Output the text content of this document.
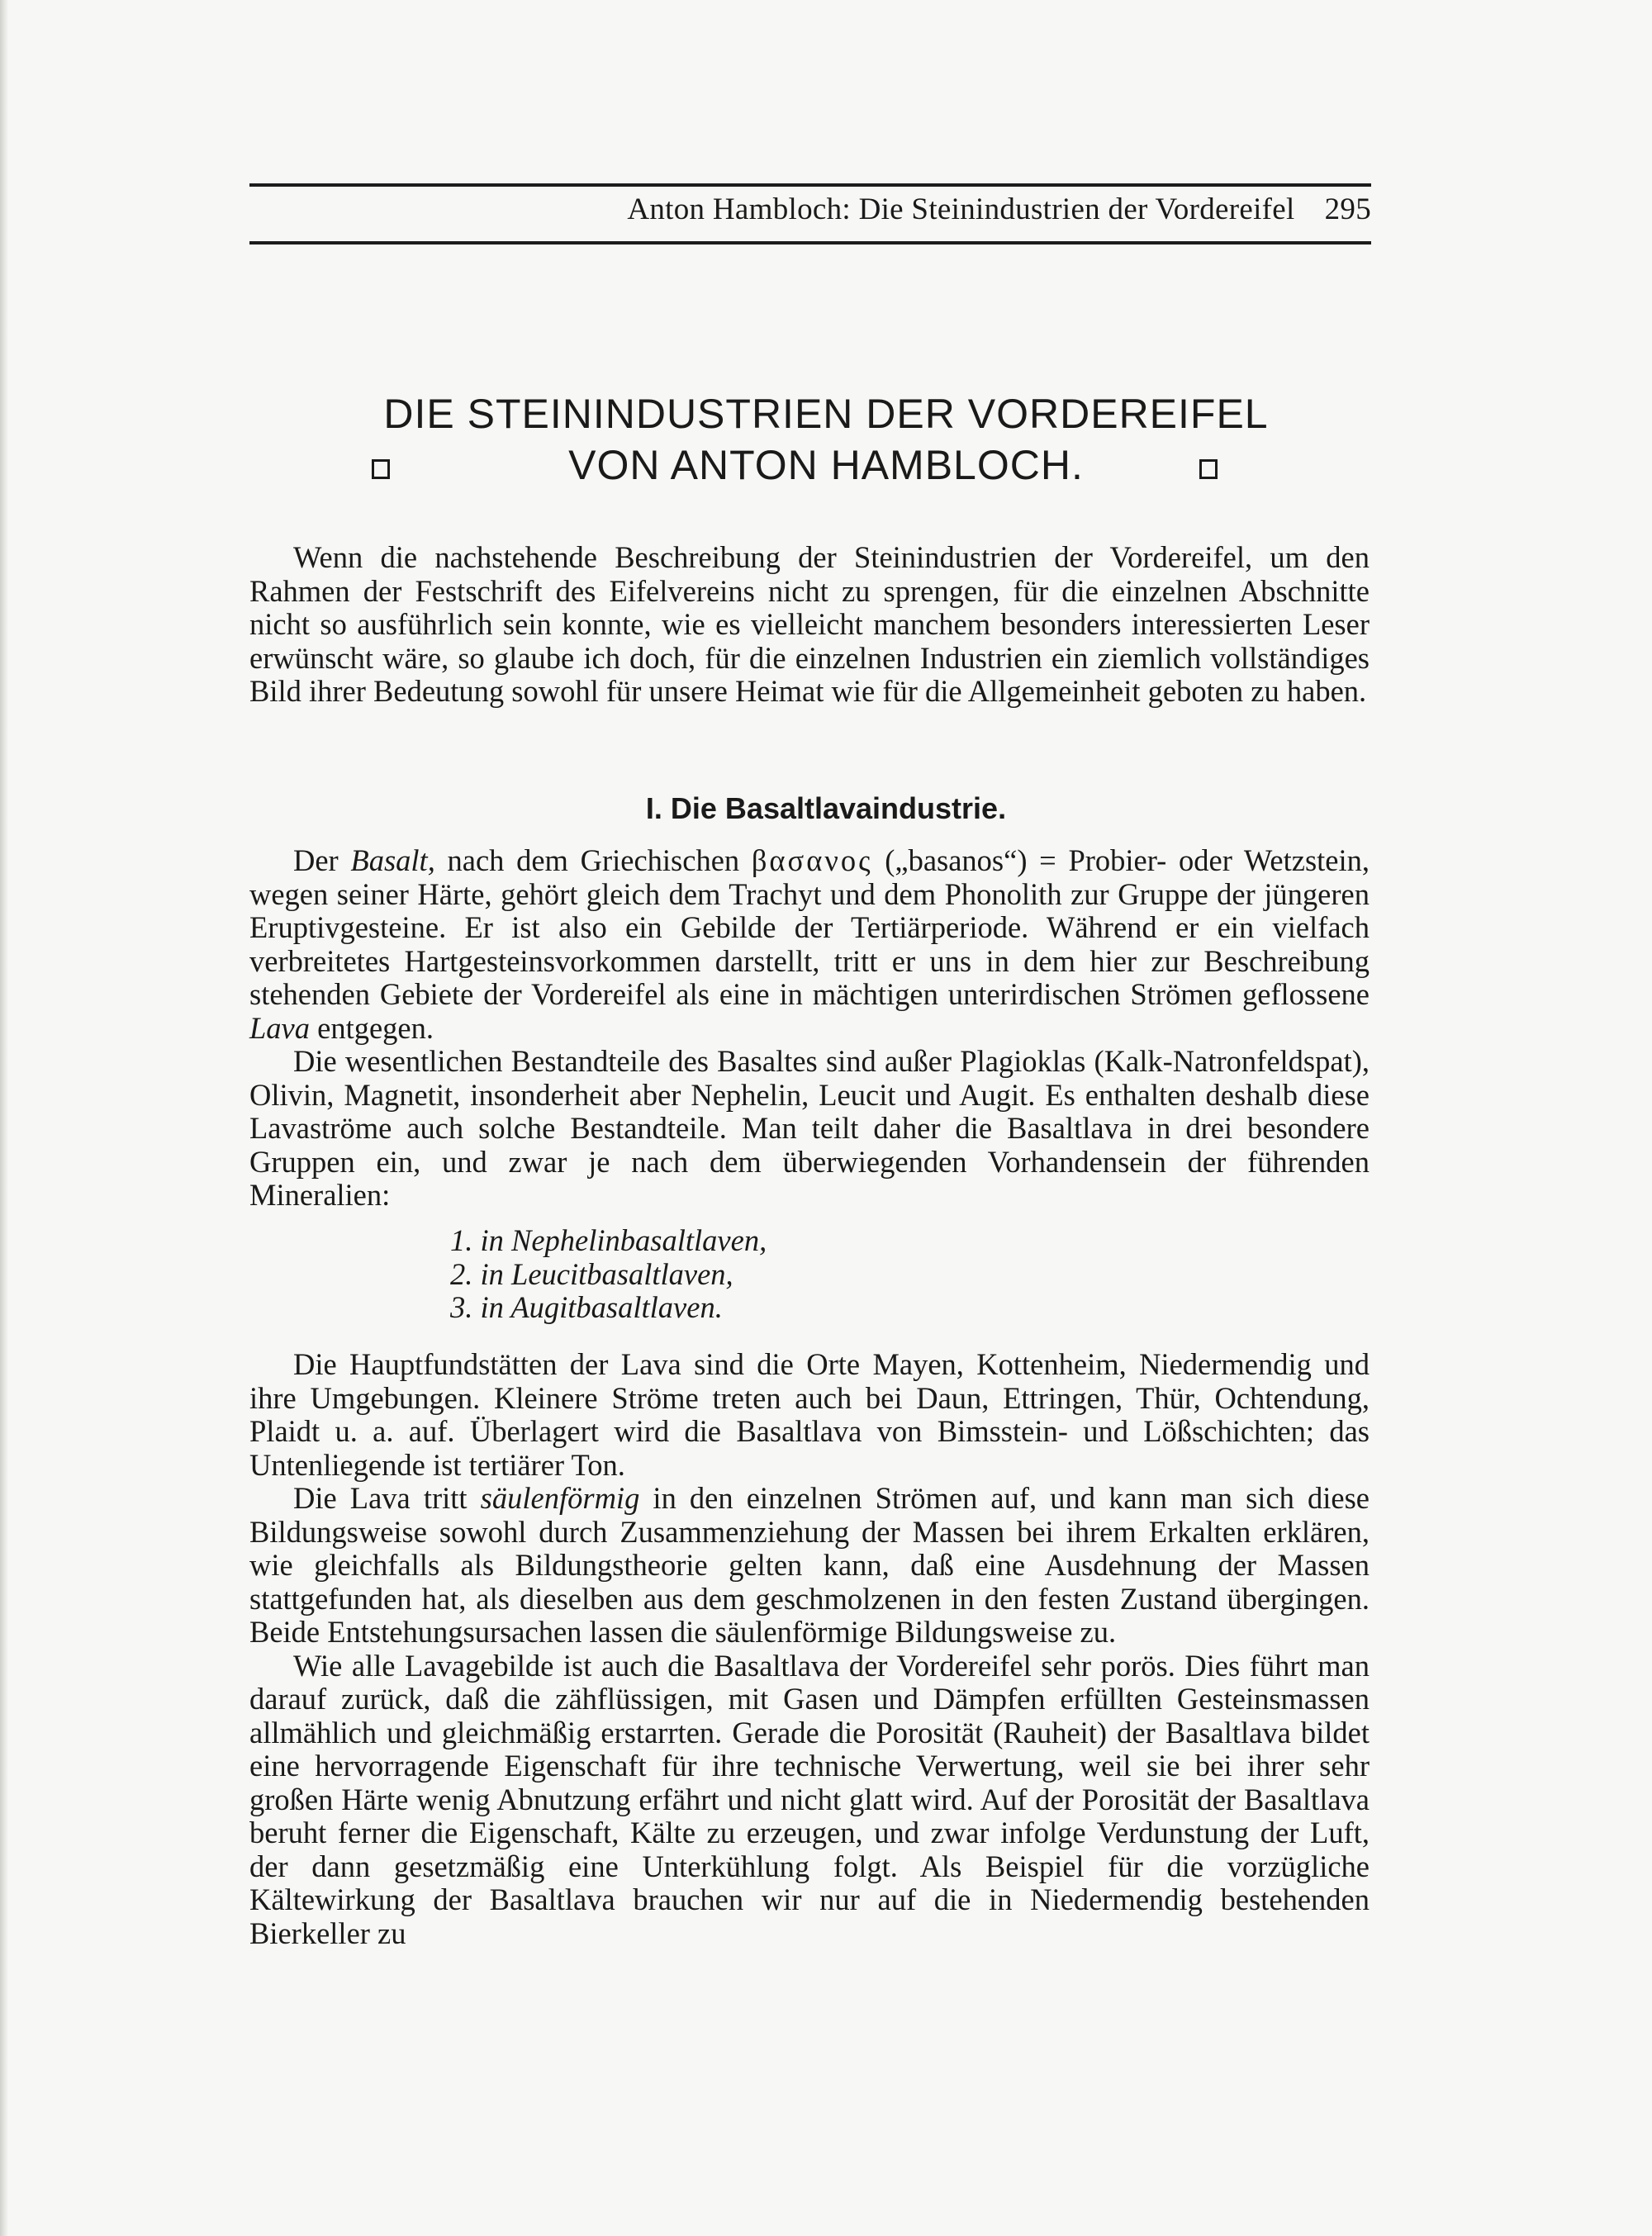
Anton Hambloch: Die Steinindustrien der Vordereifel 295
DIE STEININDUSTRIEN DER VORDEREIFEL
VON ANTON HAMBLOCH.

Wenn die nachstehende Beschreibung der Steinindustrien der Vordereifel, um den Rahmen der Festschrift des Eifelvereins nicht zu sprengen, für die einzelnen Abschnitte nicht so ausführlich sein konnte, wie es vielleicht manchem besonders interessierten Leser erwünscht wäre, so glaube ich doch, für die einzelnen Industrien ein ziemlich vollständiges Bild ihrer Bedeutung sowohl für unsere Heimat wie für die Allgemeinheit geboten zu haben.

I. Die Basaltlavaindustrie.

Der Basalt, nach dem Griechischen βασανος („basanos“) = Probier- oder Wetzstein, wegen seiner Härte, gehört gleich dem Trachyt und dem Phonolith zur Gruppe der jüngeren Eruptivgesteine. Er ist also ein Gebilde der Tertiärperiode. Während er ein vielfach verbreitetes Hartgesteinsvorkommen darstellt, tritt er uns in dem hier zur Beschreibung stehenden Gebiete der Vordereifel als eine in mächtigen unterirdischen Strömen geflossene Lava entgegen.

Die wesentlichen Bestandteile des Basaltes sind außer Plagioklas (Kalk-Natronfeldspat), Olivin, Magnetit, insonderheit aber Nephelin, Leucit und Augit. Es enthalten deshalb diese Lavaströme auch solche Bestandteile. Man teilt daher die Basaltlava in drei besondere Gruppen ein, und zwar je nach dem überwiegenden Vorhandensein der führenden Mineralien:

1. in Nephelinbasaltlaven,
2. in Leucitbasaltlaven,
3. in Augitbasaltlaven.

Die Hauptfundstätten der Lava sind die Orte Mayen, Kottenheim, Niedermendig und ihre Umgebungen. Kleinere Ströme treten auch bei Daun, Ettringen, Thür, Ochtendung, Plaidt u. a. auf. Überlagert wird die Basaltlava von Bimsstein- und Lößschichten; das Untenliegende ist tertiärer Ton.

Die Lava tritt säulenförmig in den einzelnen Strömen auf, und kann man sich diese Bildungsweise sowohl durch Zusammenziehung der Massen bei ihrem Erkalten erklären, wie gleichfalls als Bildungstheorie gelten kann, daß eine Ausdehnung der Massen stattgefunden hat, als dieselben aus dem geschmolzenen in den festen Zustand übergingen. Beide Entstehungsursachen lassen die säulenförmige Bildungsweise zu.

Wie alle Lavagebilde ist auch die Basaltlava der Vordereifel sehr porös. Dies führt man darauf zurück, daß die zähflüssigen, mit Gasen und Dämpfen erfüllten Gesteinsmassen allmählich und gleichmäßig erstarrten. Gerade die Porosität (Rauheit) der Basaltlava bildet eine hervorragende Eigenschaft für ihre technische Verwertung, weil sie bei ihrer sehr großen Härte wenig Abnutzung erfährt und nicht glatt wird. Auf der Porosität der Basaltlava beruht ferner die Eigenschaft, Kälte zu erzeugen, und zwar infolge Verdunstung der Luft, der dann gesetzmäßig eine Unterkühlung folgt. Als Beispiel für die vorzügliche Kältewirkung der Basaltlava brauchen wir nur auf die in Niedermendig bestehenden Bierkeller zu
